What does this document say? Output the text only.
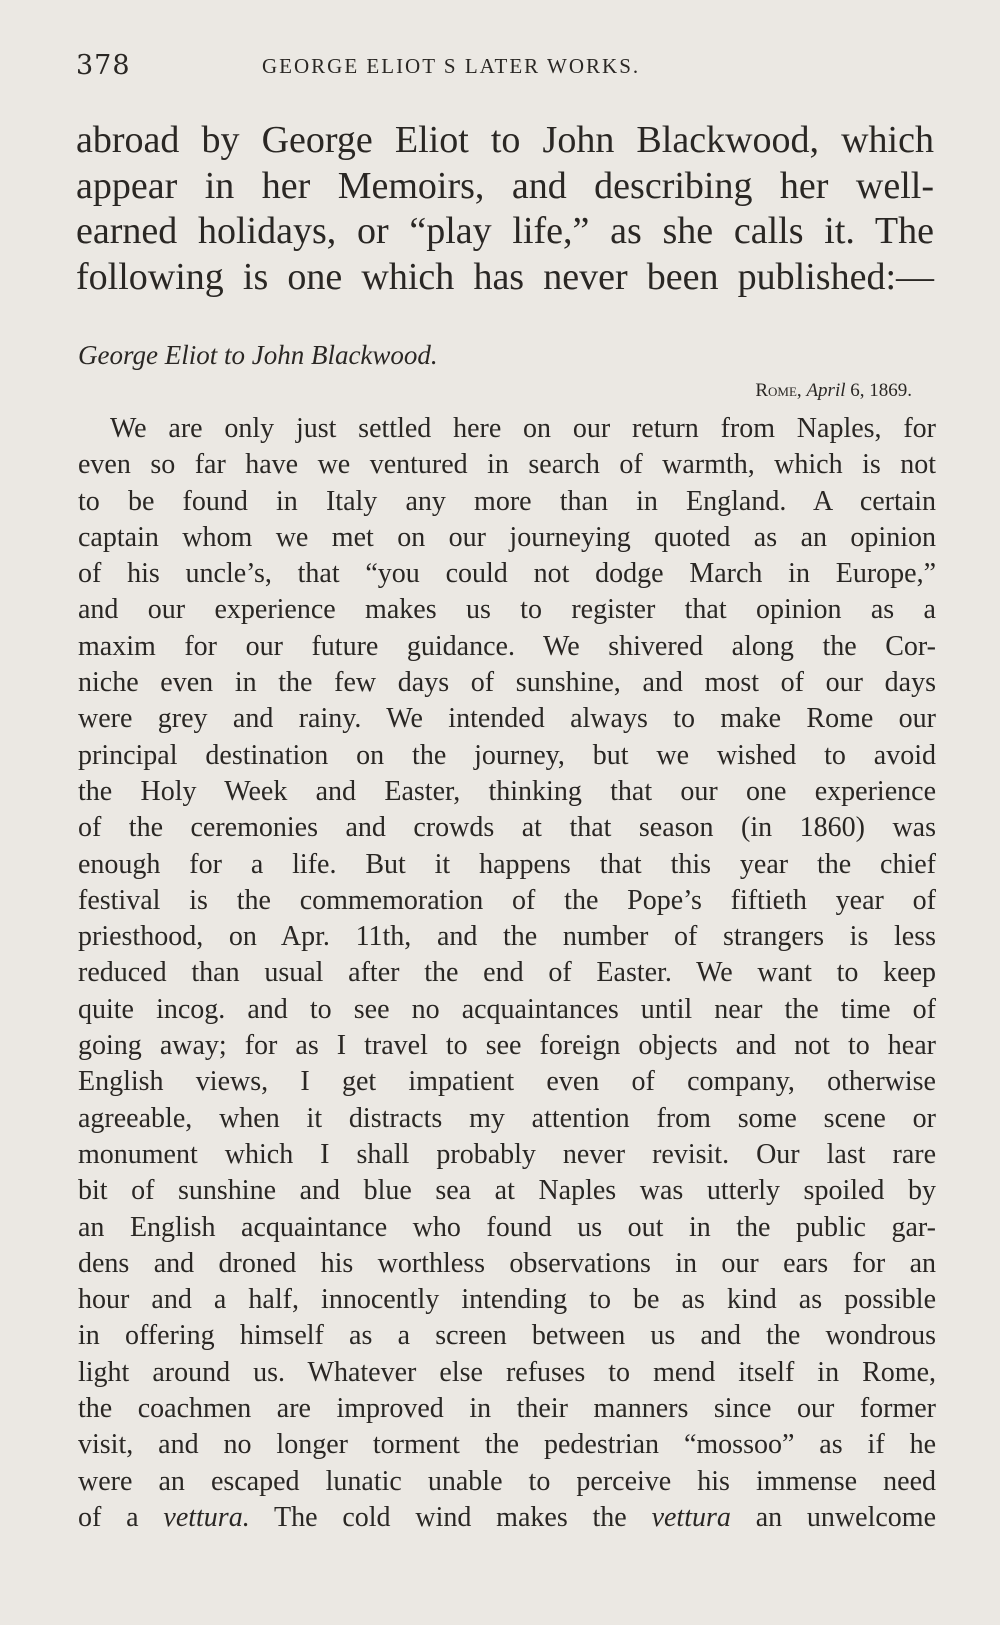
378	GEORGE ELIOT S LATER WORKS.
abroad by George Eliot to John Blackwood, which
appear in her Memoirs, and describing her well-
earned holidays, or “play life,” as she calls it. The
following is one which has never been published:—
George Eliot to John Blackwood.
Rome, April 6, 1869.
We are only just settled here on our return from Naples, for
even so far have we ventured in search of warmth, which is not
to be found in Italy any more than in England. A certain
captain whom we met on our journeying quoted as an opinion
of his uncle’s, that “you could not dodge March in Europe,”
and our experience makes us to register that opinion as a
maxim for our future guidance. We shivered along the Cor-
niche even in the few days of sunshine, and most of our days
were grey and rainy. We intended always to make Rome our
principal destination on the journey, but we wished to avoid
the Holy Week and Easter, thinking that our one experience
of the ceremonies and crowds at that season (in 1860) was
enough for a life. But it happens that this year the chief
festival is the commemoration of the Pope’s fiftieth year of
priesthood, on Apr. 11th, and the number of strangers is less
reduced than usual after the end of Easter. We want to keep
quite incog. and to see no acquaintances until near the time of
going away; for as I travel to see foreign objects and not to hear
English views, I get impatient even of company, otherwise
agreeable, when it distracts my attention from some scene or
monument which I shall probably never revisit. Our last rare
bit of sunshine and blue sea at Naples was utterly spoiled by
an English acquaintance who found us out in the public gar-
dens and droned his worthless observations in our ears for an
hour and a half, innocently intending to be as kind as possible
in offering himself as a screen between us and the wondrous
light around us. Whatever else refuses to mend itself in Rome,
the coachmen are improved in their manners since our former
visit, and no longer torment the pedestrian “mossoo” as if he
were an escaped lunatic unable to perceive his immense need
of a vettura. The cold wind makes the vettura an unwelcome
